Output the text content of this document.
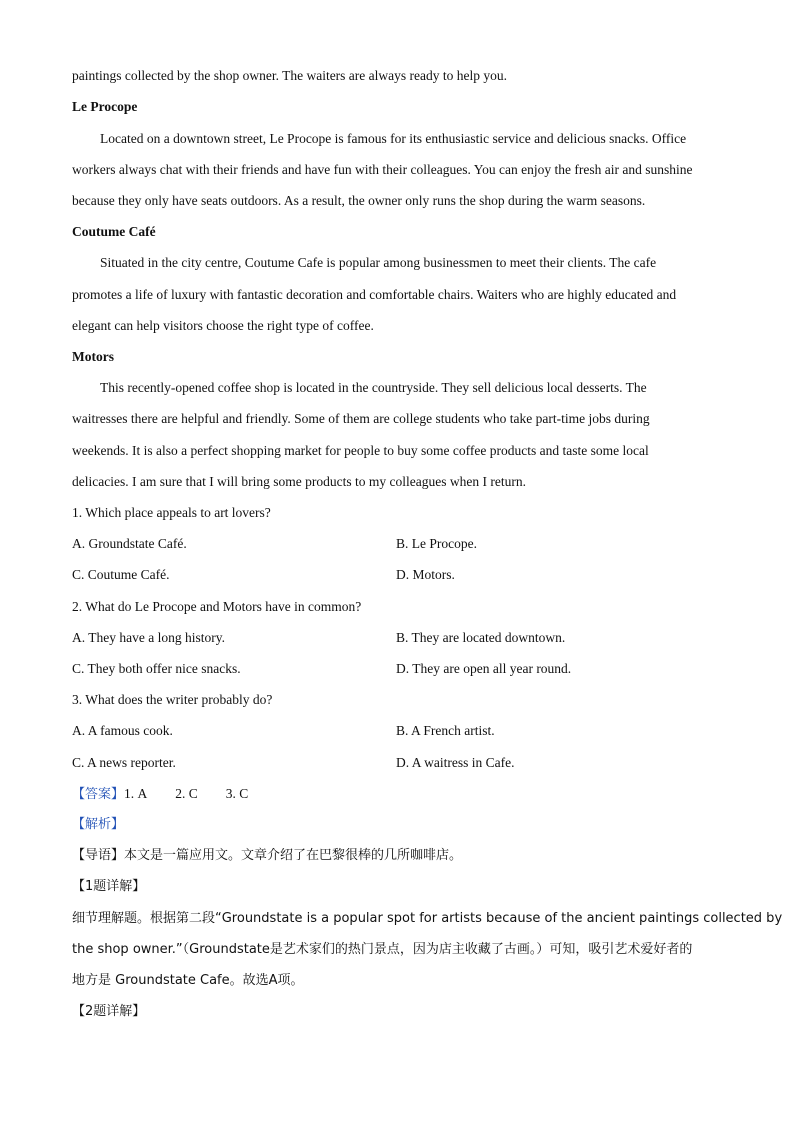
paintings collected by the shop owner. The waiters are always ready to help you.
Le Procope
Located on a downtown street, Le Procope is famous for its enthusiastic service and delicious snacks. Office
workers always chat with their friends and have fun with their colleagues. You can enjoy the fresh air and sunshine
because they only have seats outdoors. As a result, the owner only runs the shop during the warm seasons.
Coutume Café
Situated in the city centre, Coutume Cafe is popular among businessmen to meet their clients. The cafe
promotes a life of luxury with fantastic decoration and comfortable chairs. Waiters who are highly educated and
elegant can help visitors choose the right type of coffee.
Motors
This recently-opened coffee shop is located in the countryside. They sell delicious local desserts. The
waitresses there are helpful and friendly. Some of them are college students who take part-time jobs during
weekends. It is also a perfect shopping market for people to buy some coffee products and taste some local
delicacies. I am sure that I will bring some products to my colleagues when I return.
1. Which place appeals to art lovers?
A. Groundstate Café.	B. Le Procope.
C. Coutume Café.	D. Motors.
2. What do Le Procope and Motors have in common?
A. They have a long history.	B. They are located downtown.
C. They both offer nice snacks.	D. They are open all year round.
3. What does the writer probably do?
A. A famous cook.	B. A French artist.
C. A news reporter.	D. A waitress in Cafe.
【答案】1. A 2. C 3. C
【解析】
【导语】本文是一篇应用文。文章介绍了在巴黎很棒的几所咖啡店。
【1题详解】
细节理解题。根据第二段“Groundstate is a popular spot for artists because of the ancient paintings collected by
the shop owner.”（Groundstate是艺术家们的热门景点，因为店主收藏了古画。）可知，吸引艺术爱好者的
地方是 Groundstate Cafe。故选A项。
【2题详解】
